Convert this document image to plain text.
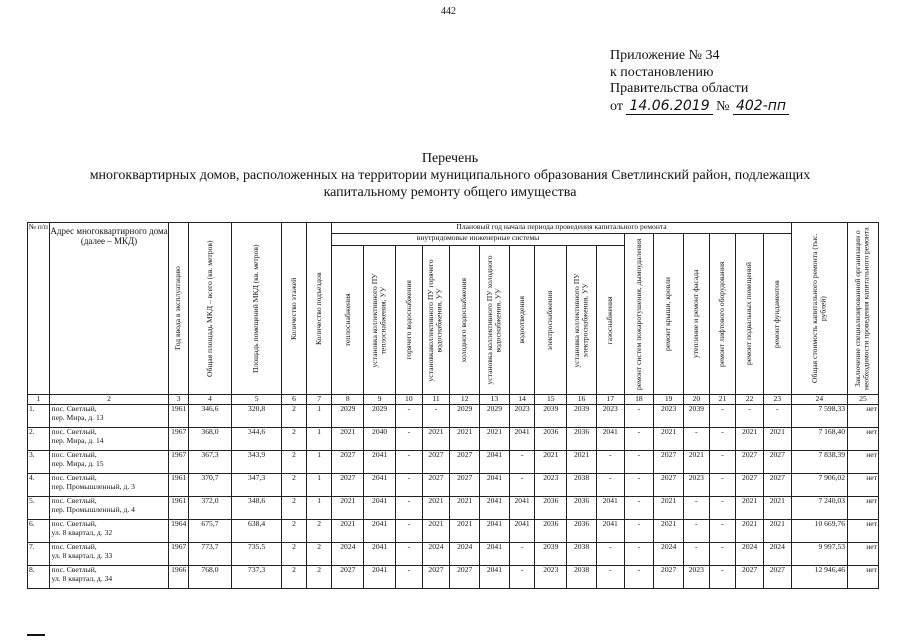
442
Приложение № 34
к постановлению
Правительства области
от 14.06.2019 № 402-пп
Перечень
многоквартирных домов, расположенных на территории муниципального образования Светлинский район, подлежащих
капитальному ремонту общего имущества
№ п/п	Адрес многоквартирного дома (далее – МКД)	Год ввода в эксплуатацию	Общая площадь МКД – всего (кв. метров)	Площадь помещений МКД (кв. метров)	Количество этажей	Количество подъездов	Плановый год начала периода проведения капитального ремонта																Общая стоимость капитального ремонта (тыс. рублей)	Заключение специализированной организации о необходимости проведения капитального ремонта

							внутридомовые инженерные системы										ремонт систем пожаротушения, дымоудаления	ремонт крыши, кровли	утепление и ремонт фасада	ремонт лифтового оборудования	ремонт подвальных помещений	ремонт фундаментов		

							теплоснабжения	установка коллективного ПУ теплоснабжения, УУ	горячего водоснабжения	установкаколлективного ПУ горячего водоснабжения, УУ	холодного водоснабжения	установка коллективного ПУ холодного водоснабжения, УУ	водоотведения	электроснабжения	установка коллективного ПУ электроснабжения, УУ	газоснабжения								

1	2	3	4	5	6	7	8	9	10	11	12	13	14	15	16	17	18	19	20	21	22	23	24	25
1.	пос. Светлый,
пер. Мира, д. 13	1961	346,6	320,8	2	1	2029	2029	-	-	2029	2029	2023	2039	2039	2023	-	2023	2039	-	-	-	7 598,33	нет
2.	пос. Светлый,
пер. Мира, д. 14	1967	368,0	344,6	2	1	2021	2040	-	2021	2021	2021	2041	2036	2036	2041	-	2021	-	-	2021	2021	7 168,40	нет
3.	пос. Светлый,
пер. Мира, д. 15	1967	367,3	343,9	2	1	2027	2041	-	2027	2027	2041	-	2021	2021	-	-	2027	2021	-	2027	2027	7 838,39	нет
4.	пос. Светлый,
пер. Промышленный, д. 3	1961	370,7	347,3	2	1	2027	2041	-	2027	2027	2041	-	2023	2038	-	-	2027	2023	-	2027	2027	7 906,02	нет
5.	пос. Светлый,
пер. Промышленный, д. 4	1961	372,0	348,6	2	1	2021	2041	-	2021	2021	2041	2041	2036	2036	2041	-	2021	-	-	2021	2021	7 240,03	нет
6.	пос. Светлый,
ул. 8 квартал, д. 32	1964	675,7	638,4	2	2	2021	2041	-	2021	2021	2041	2041	2036	2036	2041	-	2021	-	-	2021	2021	10 669,76	нет
7.	пос. Светлый,
ул. 8 квартал, д. 33	1967	773,7	735,5	2	2	2024	2041	-	2024	2024	2041	-	2039	2038	-	-	2024	-	-	2024	2024	9 997,53	нет
8.	пос. Светлый,
ул. 8 квартал, д. 34	1966	768,0	737,3	2	2	2027	2041	-	2027	2027	2041	-	2023	2038	-	-	2027	2023	-	2027	2027	12 946,46	нет
